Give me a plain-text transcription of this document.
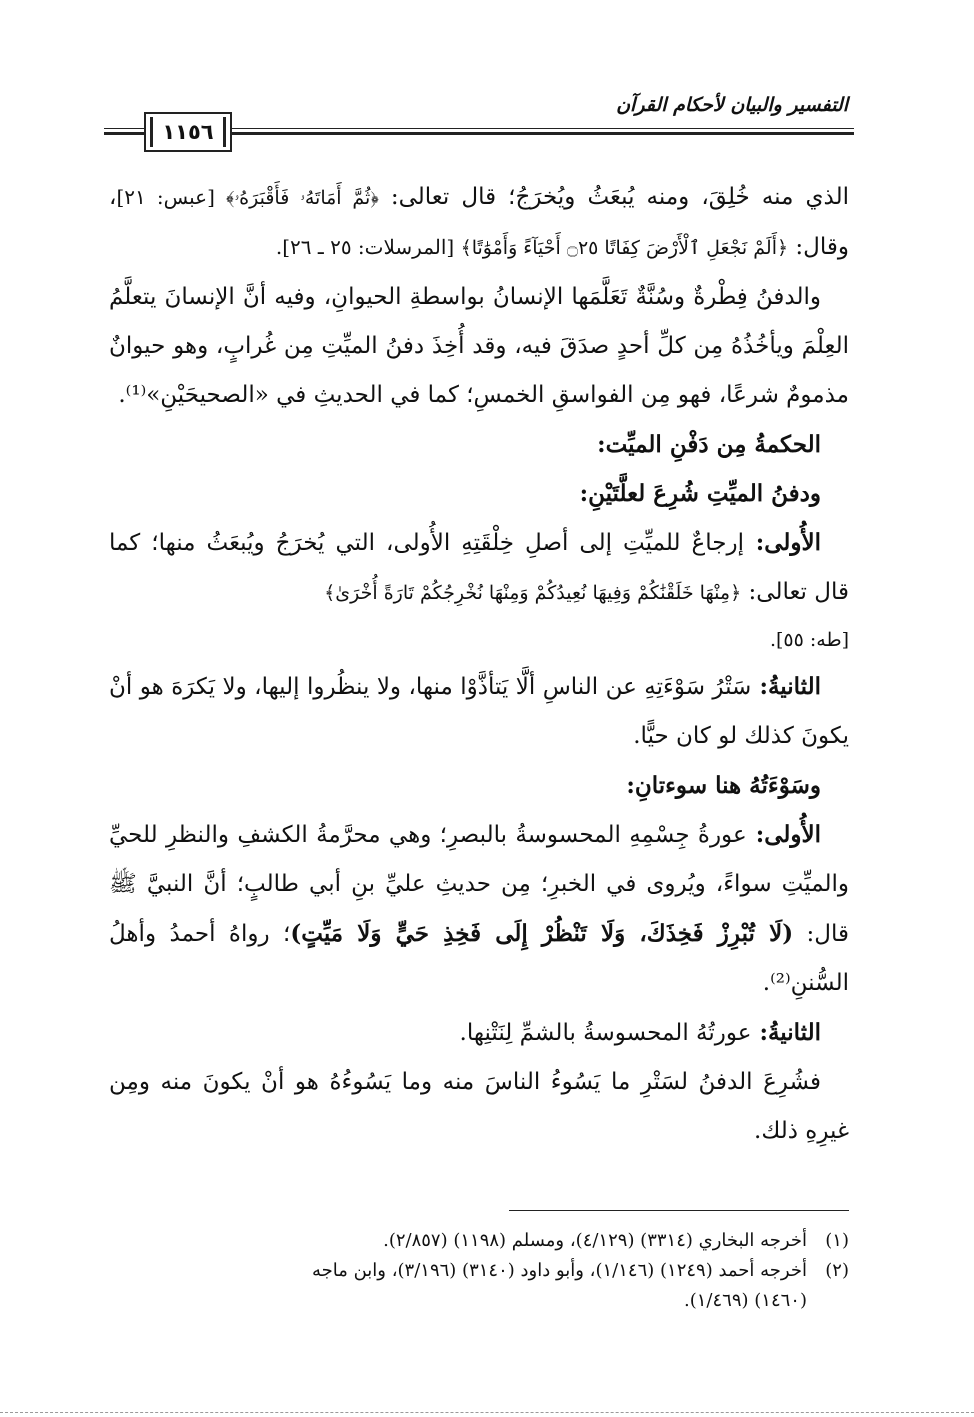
التفسير والبيان لأحكام القرآن
١١٥٦

الذي منه خُلِقَ، ومنه يُبعَثُ ويُخرَجُ؛ قال تعالى: ﴿ثُمَّ أَمَاتَهُۥ فَأَقْبَرَهُۥ﴾ [عبس: ٢١]، وقال: ﴿أَلَمْ نَجْعَلِ ٱلْأَرْضَ كِفَاتًا ۝٢٥ أَحْيَآءً وَأَمْوَٰتًا﴾ [المرسلات: ٢٥ ـ ٢٦].

والدفنُ فِطْرةٌ وسُنَّةٌ تَعَلَّمَها الإنسانُ بواسطةِ الحيوانِ، وفيه أنَّ الإنسانَ يتعلَّمُ العِلْمَ ويأخُذُهُ مِن كلِّ أحدٍ صدَقَ فيه، وقد أُخِذَ دفنُ الميِّتِ مِن غُرابٍ، وهو حيوانٌ مذمومٌ شرعًا، فهو مِن الفواسقِ الخمسِ؛ كما في الحديثِ في «الصحيحَيْنِ»⁽¹⁾.

الحكمةُ مِن دَفْنِ الميِّت:

ودفنُ الميِّتِ شُرِعَ لعلَّتَيْنِ:

الأُولى: إرجاعٌ للميِّتِ إلى أصلِ خِلْقَتِهِ الأُولى، التي يُخرَجُ ويُبعَثُ منها؛ كما قال تعالى: ﴿مِنْهَا خَلَقْنَٰكُمْ وَفِيهَا نُعِيدُكُمْ وَمِنْهَا نُخْرِجُكُمْ تَارَةً أُخْرَىٰ﴾

[طه: ٥٥].

الثانيةُ: سَتْرُ سَوْءَتِهِ عن الناسِ ألَّا يَتأذَّوْا منها، ولا ينظُروا إليها، ولا يَكرَهَ هو أنْ يكونَ كذلك لو كان حيًّا.

وسَوْءَتُهُ هنا سوءتانِ:

الأُولى: عورةُ جِسْمِهِ المحسوسةُ بالبصرِ؛ وهي محرَّمةُ الكشفِ والنظرِ للحيِّ والميِّتِ سواءً، ويُروى في الخبرِ؛ مِن حديثِ عليِّ بنِ أبي طالبٍ؛ أنَّ النبيَّ ﷺ قال: (لَا تُبْرِزْ فَخِذَكَ، وَلَا تَنْظُرْ إِلَى فَخِذِ حَيٍّ وَلَا مَيِّتٍ)؛ رواهُ أحمدُ وأهلُ السُّننِ⁽²⁾.

الثانيةُ: عورتُهُ المحسوسةُ بالشمِّ لِنَتْنِها.

فشُرِعَ الدفنُ لسَتْرِ ما يَسُوءُ الناسَ منه وما يَسُوءُهُ هو أنْ يكونَ منه ومِن غيرِهِ ذلك.

(١)أخرجه البخاري (٣٣١٤) (٤/١٢٩)، ومسلم (١١٩٨) (٢/٨٥٧).

(٢)أخرجه أحمد (١٢٤٩) (١/١٤٦)، وأبو داود (٣١٤٠) (٣/١٩٦)، وابن ماجه

(١٤٦٠) (١/٤٦٩).
